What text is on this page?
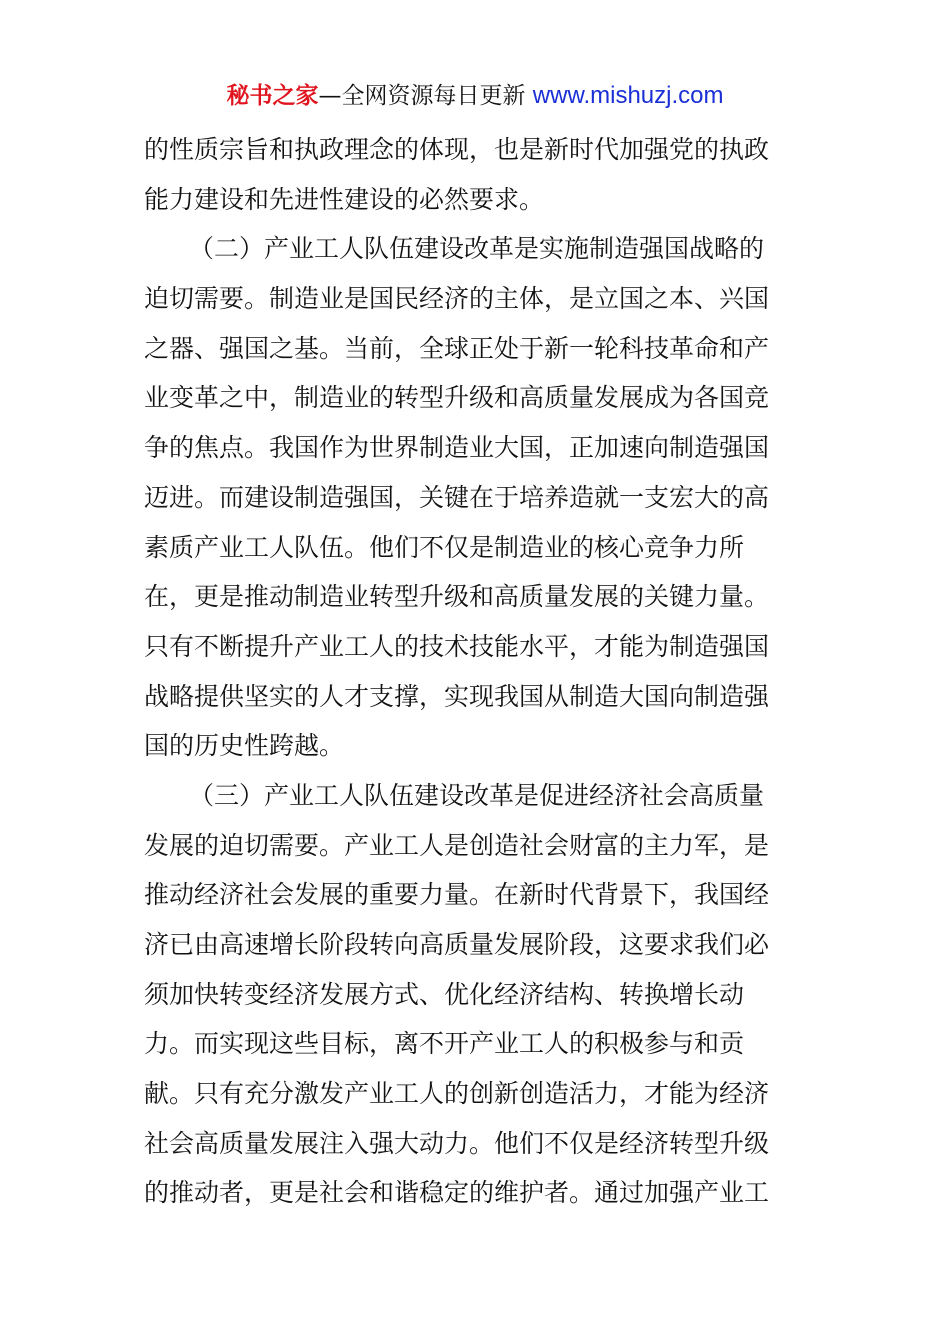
秘书之家—全网资源每日更新 www.mishuzj.com
的性质宗旨和执政理念的体现，也是新时代加强党的执政
能力建设和先进性建设的必然要求。
（二）产业工人队伍建设改革是实施制造强国战略的
迫切需要。制造业是国民经济的主体，是立国之本、兴国
之器、强国之基。当前，全球正处于新一轮科技革命和产
业变革之中，制造业的转型升级和高质量发展成为各国竞
争的焦点。我国作为世界制造业大国，正加速向制造强国
迈进。而建设制造强国，关键在于培养造就一支宏大的高
素质产业工人队伍。他们不仅是制造业的核心竞争力所
在，更是推动制造业转型升级和高质量发展的关键力量。
只有不断提升产业工人的技术技能水平，才能为制造强国
战略提供坚实的人才支撑，实现我国从制造大国向制造强
国的历史性跨越。
（三）产业工人队伍建设改革是促进经济社会高质量
发展的迫切需要。产业工人是创造社会财富的主力军，是
推动经济社会发展的重要力量。在新时代背景下，我国经
济已由高速增长阶段转向高质量发展阶段，这要求我们必
须加快转变经济发展方式、优化经济结构、转换增长动
力。而实现这些目标，离不开产业工人的积极参与和贡
献。只有充分激发产业工人的创新创造活力，才能为经济
社会高质量发展注入强大动力。他们不仅是经济转型升级
的推动者，更是社会和谐稳定的维护者。通过加强产业工
